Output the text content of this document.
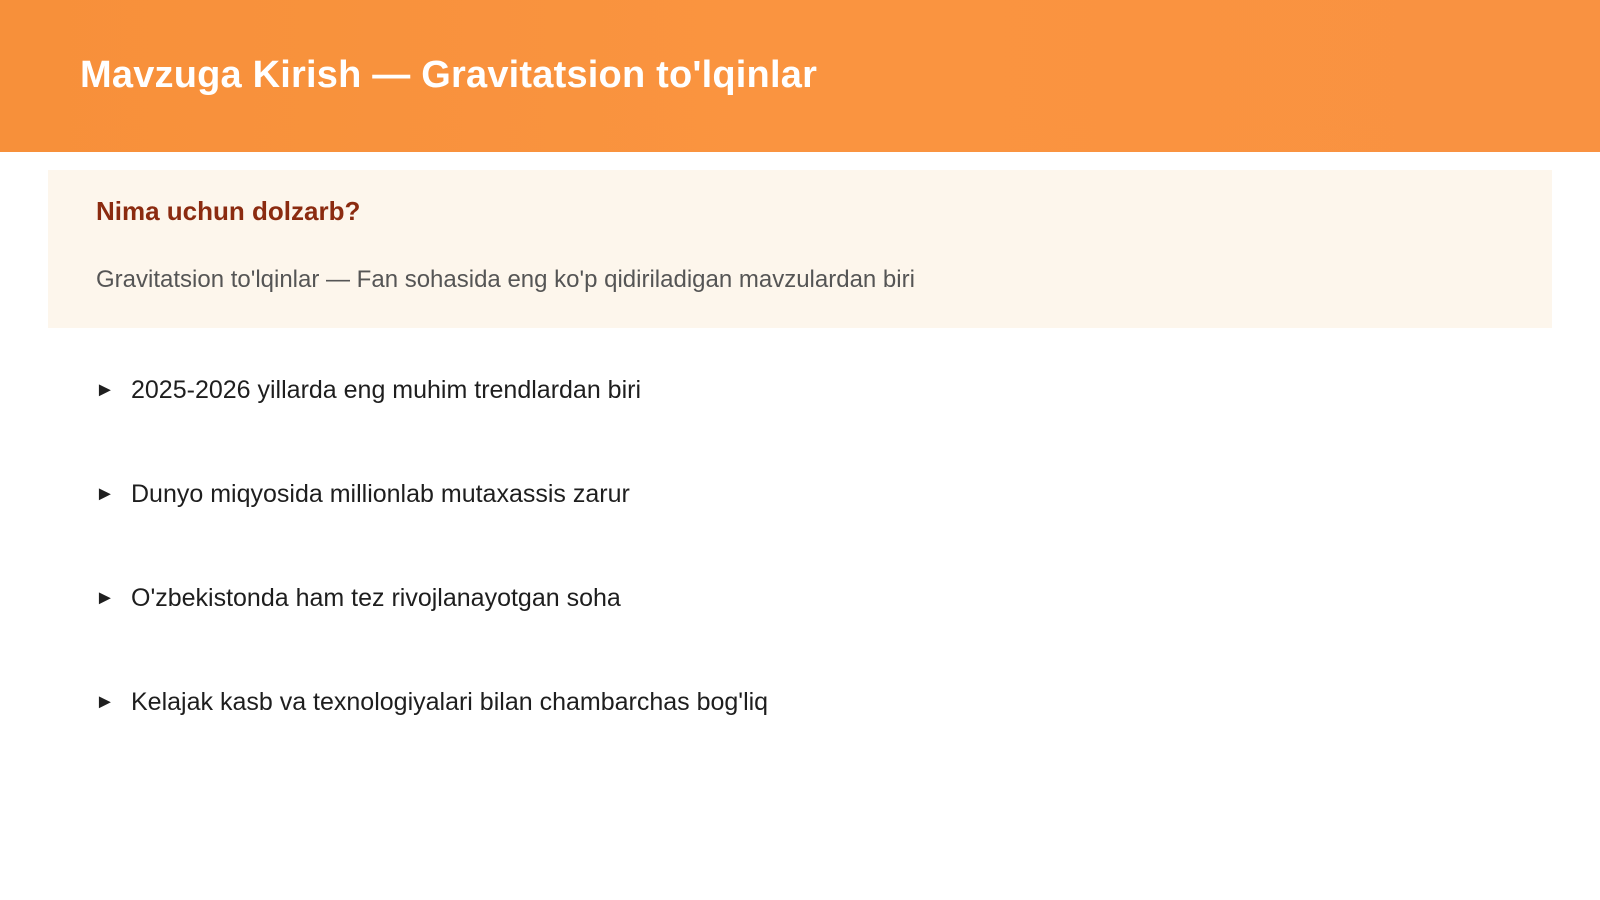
Mavzuga Kirish — Gravitatsion to'lqinlar
Nima uchun dolzarb?

Gravitatsion to'lqinlar — Fan sohasida eng ko'p qidiriladigan mavzulardan biri

► 2025-2026 yillarda eng muhim trendlardan biri
► Dunyo miqyosida millionlab mutaxassis zarur
► O'zbekistonda ham tez rivojlanayotgan soha
► Kelajak kasb va texnologiyalari bilan chambarchas bog'liq
